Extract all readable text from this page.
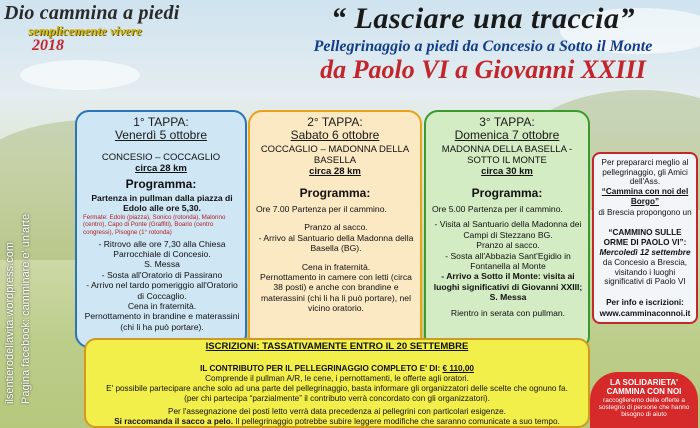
Dio cammina a piedi
semplicemente vivere
2018
“ Lasciare una traccia”
Pellegrinaggio a piedi da Concesio a Sotto il Monte
da Paolo VI a Giovanni XXIII
ilsentierodellavita.wordpress.com Pagina facebook: camminare e' un'arte
1° TAPPA:
Venerdì 5 ottobre
CONCESIO – COCCAGLIO
circa 28 km
Programma:
Partenza in pullman dalla piazza di Edolo alle ore 5,30.
Fermate: Edolo (piazza), Sonico (rotonda), Malonno (centro), Capo di Ponte (Graffiti), Boario (centro congressi), Pisogne (1° rotonda)
- Ritrovo alle ore 7,30 alla Chiesa Parrocchiale di Concesio.
S. Messa
- Sosta all'Oratorio di Passirano
- Arrivo nel tardo pomeriggio all'Oratorio di Coccaglio.
Cena in fraternità.
Pernottamento in brandine e materassini (chi li ha può portare).
2° TAPPA:
Sabato 6 ottobre
COCCAGLIO – MADONNA DELLA BASELLA
circa 28 km
Programma:
Ore 7.00 Partenza per il cammino.
Pranzo al sacco.
- Arrivo al Santuario della Madonna della Basella (BG).
Cena in fraternità.
Pernottamento in camere con letti (circa 38 posti) e anche con brandine e materassini (chi li ha li può portare), nel vicino oratorio.
3° TAPPA:
Domenica 7 ottobre
MADONNA DELLA BASELLA - SOTTO IL MONTE
circa 30 km
Programma:
Ore 5.00 Partenza per il cammino.
- Visita al Santuario della Madonna dei Campi di Stezzano BG.
Pranzo al sacco.
- Sosta all'Abbazia Sant'Egidio in Fontanella al Monte
- Arrivo a Sotto il Monte: visita ai luoghi significativi di Giovanni XXIII; S. Messa
Rientro in serata con pullman.
Per prepararci meglio al pellegrinaggio, gli Amici dell'Ass.
“Cammina con noi del Borgo”
di Brescia propongono un
“CAMMINO SULLE ORME DI PAOLO VI”:
Mercoledì 12 settembre
da Concesio a Brescia, visitando i luoghi significativi di Paolo VI
Per info e iscrizioni:
www.camminaconnoi.it
ISCRIZIONI: TASSATIVAMENTE ENTRO IL 20 SETTEMBRE
IL CONTRIBUTO PER IL PELLEGRINAGGIO COMPLETO E' DI: € 110,00
Comprende il pullman A/R, le cene, i pernottamenti, le offerte agli oratori.
E' possibile partecipare anche solo ad una parte del pellegrinaggio, basta informare gli organizzatori delle scelte che ognuno fa.
(per chi partecipa “parzialmente” il contributo verrà concordato con gli organizzatori).
Per l'assegnazione dei posti letto verrà data precedenza ai pellegrini con particolari esigenze.
Si raccomanda il sacco a pelo. Il pellegrinaggio potrebbe subire leggere modifiche che saranno comunicate a suo tempo.
LA SOLIDARIETA' CAMMINA CON NOI
raccoglieremo delle offerte a sostegno di persone che hanno bisogno di aiuto
